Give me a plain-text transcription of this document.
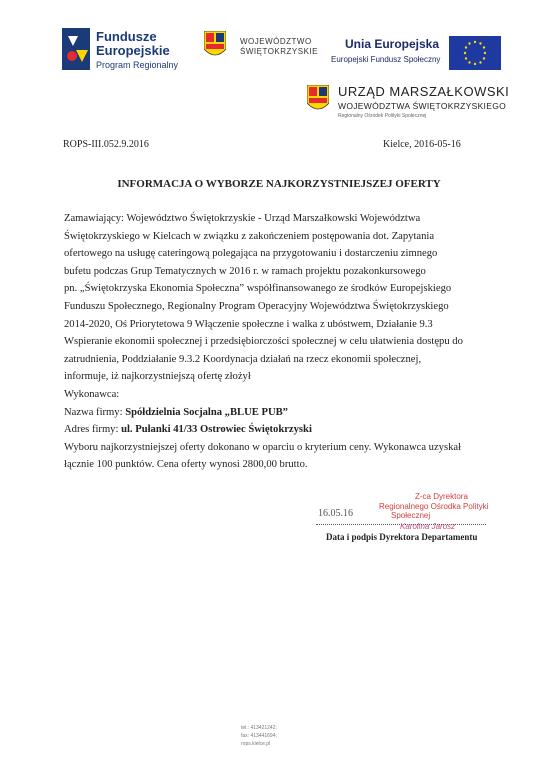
Fundusze
Europejskie
Program Regionalny
WOJEWÓDZTWO
ŚWIĘTOKRZYSKIE
Unia Europejska
Europejski Fundusz Społeczny
URZĄD MARSZAŁKOWSKI
WOJEWÓDZTWA ŚWIĘTOKRZYSKIEGO
Regionalny Ośrodek Polityki Społecznej
ROPS-III.052.9.2016	Kielce, 2016-05-16
INFORMACJA O WYBORZE NAJKORZYSTNIEJSZEJ OFERTY
Zamawiający: Województwo Świętokrzyskie - Urząd Marszałkowski Województwa
Świętokrzyskiego w Kielcach w związku z zakończeniem postępowania dot. Zapytania
ofertowego na usługę cateringową polegająca na przygotowaniu i dostarczeniu zimnego
bufetu podczas Grup Tematycznych w 2016 r. w ramach projektu pozakonkursowego
pn. „Świętokrzyska Ekonomia Społeczna” współfinansowanego ze środków Europejskiego
Funduszu Społecznego, Regionalny Program Operacyjny Województwa Świętokrzyskiego
2014-2020, Oś Priorytetowa 9 Włączenie społeczne i walka z ubóstwem, Działanie 9.3
Wspieranie ekonomii społecznej i przedsiębiorczości społecznej w celu ułatwienia dostępu do
zatrudnienia, Poddziałanie 9.3.2 Koordynacja działań na rzecz ekonomii społecznej,
informuje, iż najkorzystniejszą ofertę złożył
Wykonawca:
Nazwa firmy: Spółdzielnia Socjalna „BLUE PUB”
Adres firmy: ul. Pułanki 41/33 Ostrowiec Świętokrzyski
Wyboru najkorzystniejszej oferty dokonano w oparciu o kryterium ceny. Wykonawca uzyskał
łącznie 100 punktów. Cena oferty wynosi 2800,00 brutto.
Z-ca Dyrektora
Regionalnego Ośrodka Polityki
Społecznej
16.05.16
Karolina Jarosz
Data i podpis Dyrektora Departamentu
tel.: 413421242;
fax: 413441694;
rops.kielce.pl
